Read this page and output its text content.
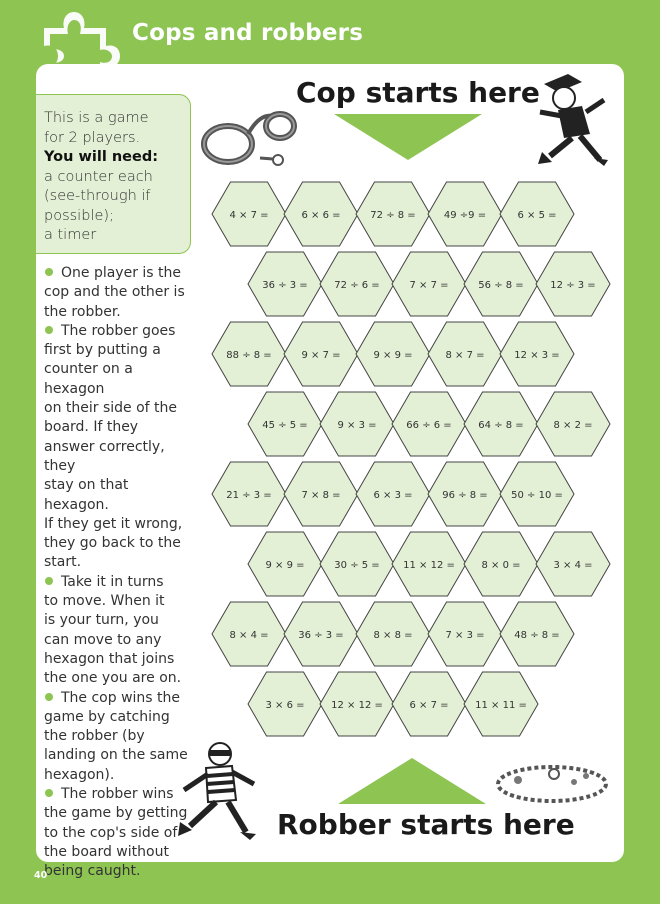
Cops and robbers
This is a game
for 2 players.
You will need:
a counter each
(see-through if
possible);
a timer

One player is the
cop and the other is
the robber.

The robber goes
first by putting a
counter on a hexagon
on their side of the
board. If they
answer correctly, they
stay on that hexagon.
If they get it wrong,
they go back to the
start.

Take it in turns
to move. When it
is your turn, you
can move to any
hexagon that joins
the one you are on.

The cop wins the
game by catching
the robber (by
landing on the same
hexagon).

The robber wins
the game by getting
to the cop's side of
the board without
being caught.

Cop starts here
4 × 7 =	6 × 6 =	72 ÷ 8 =	49 ÷9 =	6 × 5 =
36 ÷ 3 =	72 ÷ 6 =	7 × 7 =	56 ÷ 8 =	12 ÷ 3 =
88 ÷ 8 =	9 × 7 =	9 × 9 =	8 × 7 =	12 × 3 =
45 ÷ 5 =	9 × 3 =	66 ÷ 6 =	64 ÷ 8 =	8 × 2 =
21 ÷ 3 =	7 × 8 =	6 × 3 =	96 ÷ 8 = 50 ÷ 10 =
9 × 9 =	30 ÷ 5 = 11 × 12 =	8 × 0 =	3 × 4 =
8 × 4 =	36 ÷ 3 =	8 × 8 =	7 × 3 =	48 ÷ 8 =
3 × 6 =	12 × 12 =	6 × 7 =	11 × 11 =
Robber starts here
40
